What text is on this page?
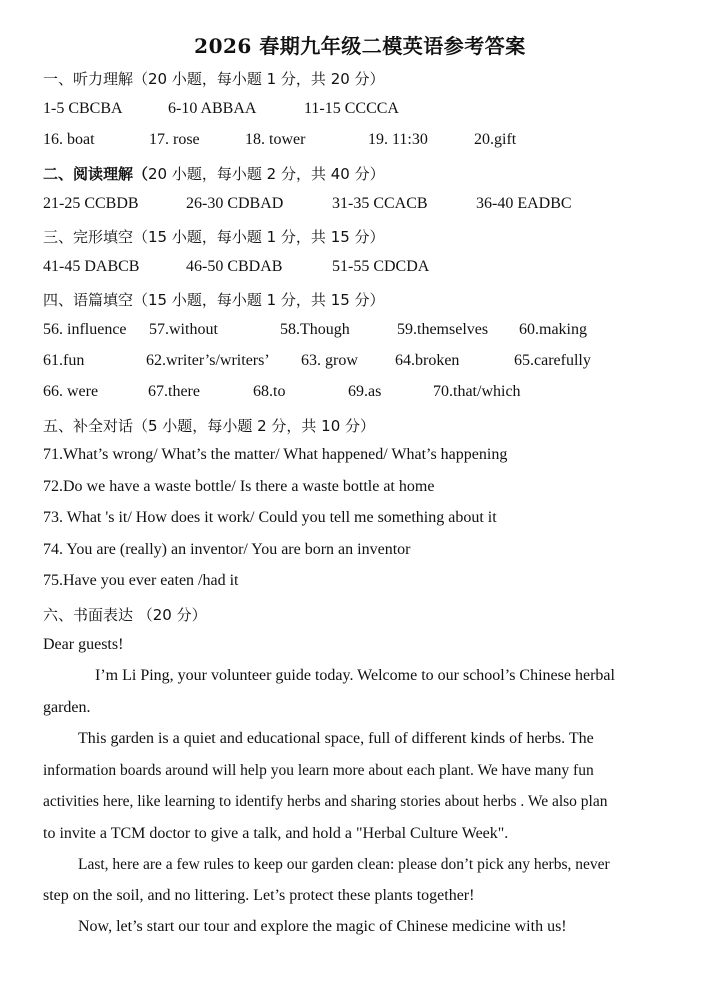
2026 春期九年级二模英语参考答案
一、听力理解（20 小题，每小题 1 分，共 20 分）
1-5 CBCBA	6-10 ABBAA	11-15 CCCCA
16. boat	17. rose	18. tower	19. 11:30	20.gift
二、阅读理解（20 小题，每小题 2 分，共 40 分）
21-25 CCBDB	26-30 CDBAD	31-35 CCACB	36-40 EADBC
三、完形填空（15 小题，每小题 1 分，共 15 分）
41-45 DABCB	46-50 CBDAB	51-55 CDCDA
四、语篇填空（15 小题，每小题 1 分，共 15 分）
56. influence 57.without	58.Though	59.themselves 60.making
61.fun	62.writer’s/writers’ 63. grow 64.broken	65.carefully
66. were	67.there	68.to	69.as	70.that/which
五、补全对话（5 小题，每小题 2 分，共 10 分）
71.What’s wrong/ What’s the matter/ What happened/ What’s happening
72.Do we have a waste bottle/ Is there a waste bottle at home
73. What 's it/ How does it work/ Could you tell me something about it
74. You are (really) an inventor/ You are born an inventor
75.Have you ever eaten /had it
六、书面表达 （20 分）
Dear guests!
I’m Li Ping, your volunteer guide today. Welcome to our school’s Chinese herbal
garden.
This garden is a quiet and educational space, full of different kinds of herbs. The
information boards around will help you learn more about each plant. We have many fun
activities here, like learning to identify herbs and sharing stories about herbs . We also plan
to invite a TCM doctor to give a talk, and hold a "Herbal Culture Week".
Last, here are a few rules to keep our garden clean: please don’t pick any herbs, never
step on the soil, and no littering. Let’s protect these plants together!
Now, let’s start our tour and explore the magic of Chinese medicine with us!
